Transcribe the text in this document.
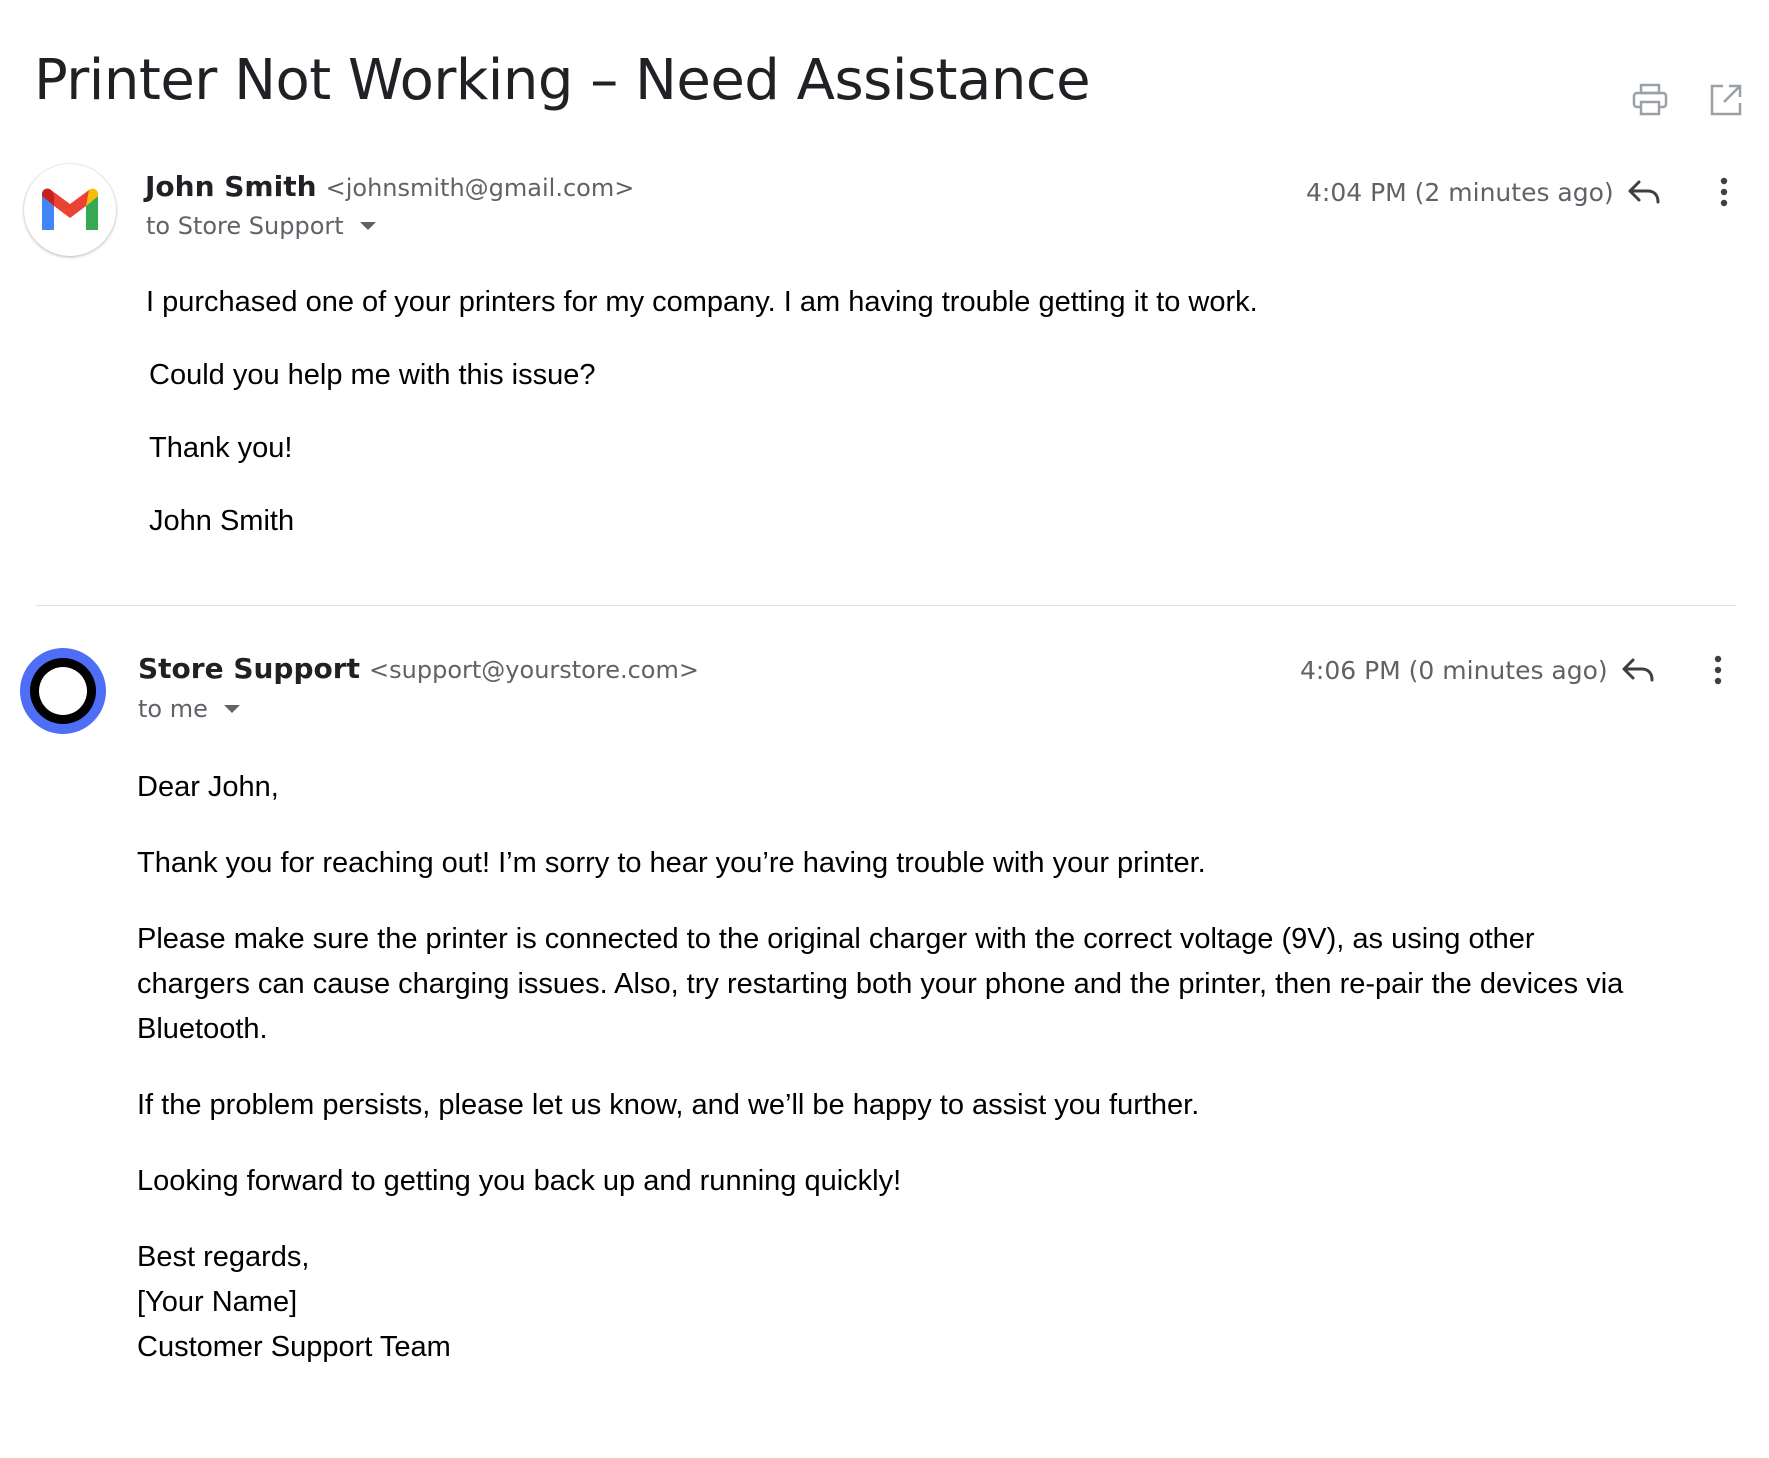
Printer Not Working – Need Assistance
John Smith <johnsmith@gmail.com>
to Store Support
4:04 PM (2 minutes ago)

I purchased one of your printers for my company. I am having trouble getting it to work.

Could you help me with this issue?

Thank you!

John Smith

Store Support <support@yourstore.com>
to me
4:06 PM (0 minutes ago)

Dear John,

Thank you for reaching out! I’m sorry to hear you’re having trouble with your printer.

Please make sure the printer is connected to the original charger with the correct voltage (9V), as using other chargers can cause charging issues. Also, try restarting both your phone and the printer, then re-pair the devices via Bluetooth.

If the problem persists, please let us know, and we’ll be happy to assist you further.

Looking forward to getting you back up and running quickly!

Best regards,

[Your Name]

Customer Support Team
